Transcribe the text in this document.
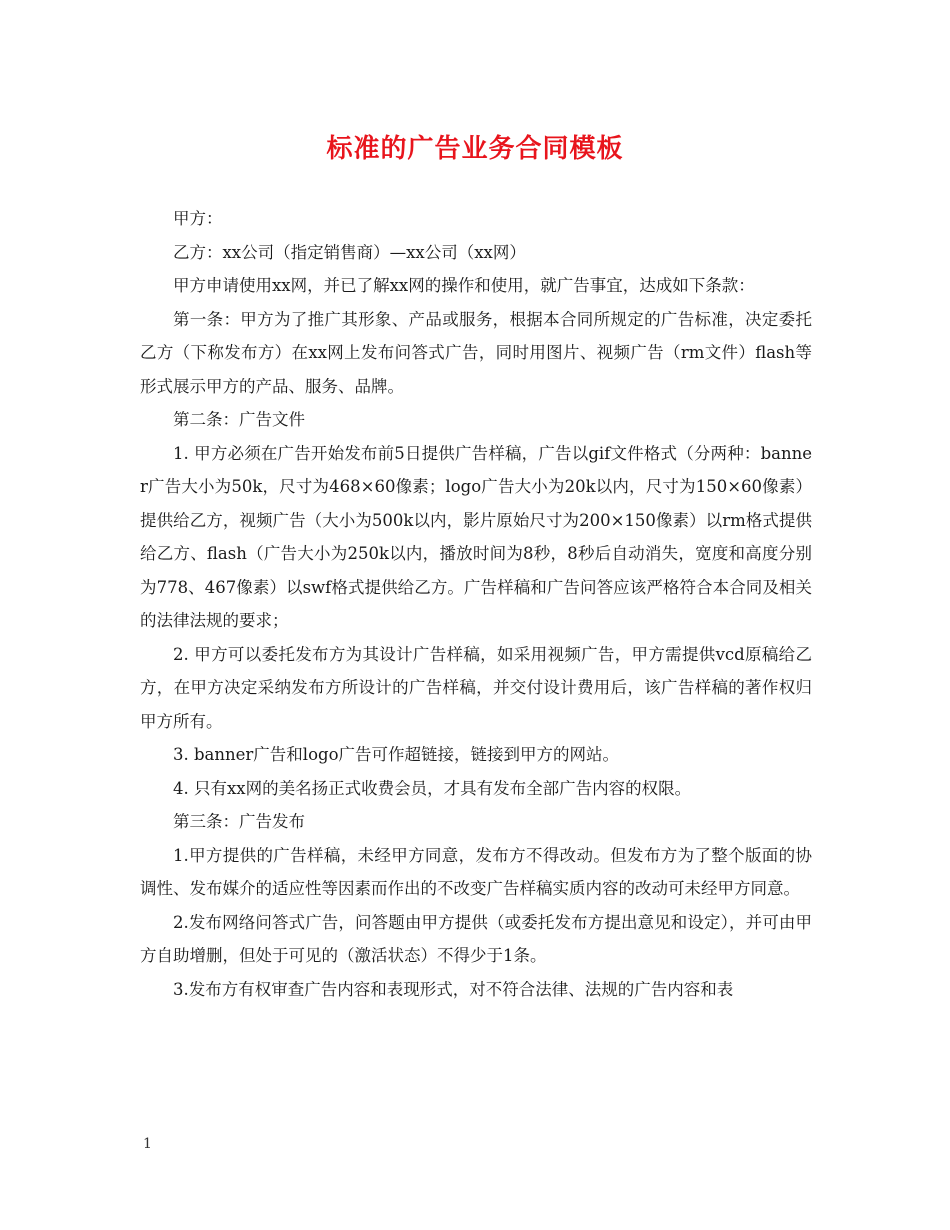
标准的广告业务合同模板

甲方：

乙方：xx公司（指定销售商）—xx公司（xx网）

甲方申请使用xx网，并已了解xx网的操作和使用，就广告事宜，达成如下条款：

第一条：甲方为了推广其形象、产品或服务，根据本合同所规定的广告标准，决定委托乙方（下称发布方）在xx网上发布问答式广告，同时用图片、视频广告（rm文件）flash等形式展示甲方的产品、服务、品牌。

第二条：广告文件

1. 甲方必须在广告开始发布前5日提供广告样稿，广告以gif文件格式（分两种：banner广告大小为50k，尺寸为468×60像素；logo广告大小为20k以内，尺寸为150×60像素）提供给乙方，视频广告（大小为500k以内，影片原始尺寸为200×150像素）以rm格式提供给乙方、flash（广告大小为250k以内，播放时间为8秒，8秒后自动消失，宽度和高度分别为778、467像素）以swf格式提供给乙方。广告样稿和广告问答应该严格符合本合同及相关的法律法规的要求；

2. 甲方可以委托发布方为其设计广告样稿，如采用视频广告，甲方需提供vcd原稿给乙方，在甲方决定采纳发布方所设计的广告样稿，并交付设计费用后，该广告样稿的著作权归甲方所有。

3. banner广告和logo广告可作超链接，链接到甲方的网站。

4. 只有xx网的美名扬正式收费会员，才具有发布全部广告内容的权限。

第三条：广告发布

1.甲方提供的广告样稿，未经甲方同意，发布方不得改动。但发布方为了整个版面的协调性、发布媒介的适应性等因素而作出的不改变广告样稿实质内容的改动可未经甲方同意。

2.发布网络问答式广告，问答题由甲方提供（或委托发布方提出意见和设定），并可由甲方自助增删，但处于可见的（激活状态）不得少于1条。

3.发布方有权审查广告内容和表现形式，对不符合法律、法规的广告内容和表

1
